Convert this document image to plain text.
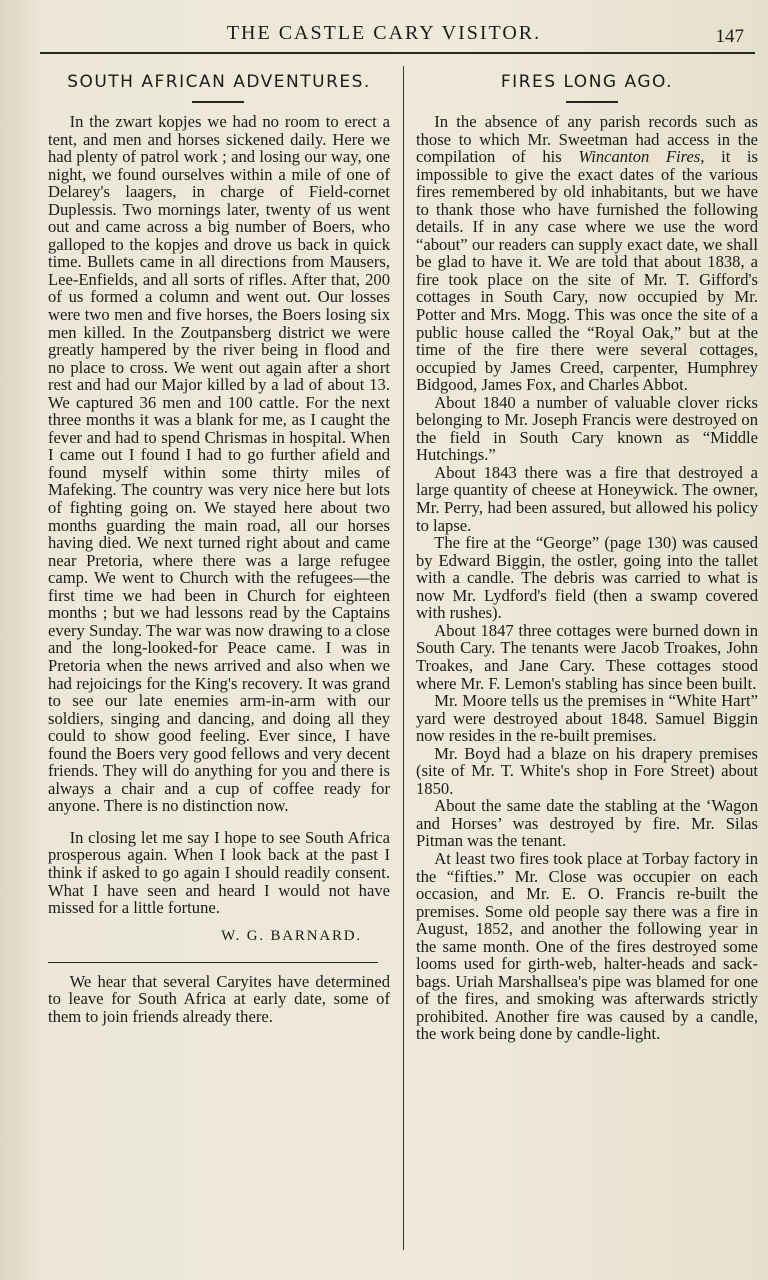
THE CASTLE CARY VISITOR.	147
SOUTH AFRICAN ADVENTURES.

In the zwart kopjes we had no room to erect a tent, and men and horses sickened daily. Here we had plenty of patrol work ; and losing our way, one night, we found ourselves within a mile of one of Delarey's laagers, in charge of Field-cornet Duplessis. Two mornings later, twenty of us went out and came across a big number of Boers, who galloped to the kopjes and drove us back in quick time. Bullets came in all directions from Mausers, Lee-Enfields, and all sorts of rifles. After that, 200 of us formed a column and went out. Our losses were two men and five horses, the Boers losing six men killed. In the Zoutpansberg district we were greatly hampered by the river being in flood and no place to cross. We went out again after a short rest and had our Major killed by a lad of about 13. We captured 36 men and 100 cattle. For the next three months it was a blank for me, as I caught the fever and had to spend Chrismas in hospital. When I came out I found I had to go further afield and found myself within some thirty miles of Mafeking. The country was very nice here but lots of fighting going on. We stayed here about two months guarding the main road, all our horses having died. We next turned right about and came near Pretoria, where there was a large refugee camp. We went to Church with the refugees—the first time we had been in Church for eighteen months ; but we had lessons read by the Captains every Sunday. The war was now drawing to a close and the long-looked-for Peace came. I was in Pretoria when the news arrived and also when we had rejoicings for the King's recovery. It was grand to see our late enemies arm-in-arm with our soldiers, singing and dancing, and doing all they could to show good feeling. Ever since, I have found the Boers very good fellows and very decent friends. They will do anything for you and there is always a chair and a cup of coffee ready for anyone. There is no distinction now.

In closing let me say I hope to see South Africa prosperous again. When I look back at the past I think if asked to go again I should readily consent. What I have seen and heard I would not have missed for a little fortune.

W. G. BARNARD.

We hear that several Caryites have determined to leave for South Africa at early date, some of them to join friends already there.

FIRES LONG AGO.

In the absence of any parish records such as those to which Mr. Sweetman had access in the compilation of his Wincanton Fires, it is impossible to give the exact dates of the various fires remembered by old inhabitants, but we have to thank those who have furnished the following details. If in any case where we use the word “about” our readers can supply exact date, we shall be glad to have it. We are told that about 1838, a fire took place on the site of Mr. T. Gifford's cottages in South Cary, now occupied by Mr. Potter and Mrs. Mogg. This was once the site of a public house called the “Royal Oak,” but at the time of the fire there were several cottages, occupied by James Creed, carpenter, Humphrey Bidgood, James Fox, and Charles Abbot.

About 1840 a number of valuable clover ricks belonging to Mr. Joseph Francis were destroyed on the field in South Cary known as “Middle Hutchings.”

About 1843 there was a fire that destroyed a large quantity of cheese at Honeywick. The owner, Mr. Perry, had been assured, but allowed his policy to lapse.

The fire at the “George” (page 130) was caused by Edward Biggin, the ostler, going into the tallet with a candle. The debris was carried to what is now Mr. Lydford's field (then a swamp covered with rushes).

About 1847 three cottages were burned down in South Cary. The tenants were Jacob Troakes, John Troakes, and Jane Cary. These cottages stood where Mr. F. Lemon's stabling has since been built.

Mr. Moore tells us the premises in “White Hart” yard were destroyed about 1848. Samuel Biggin now resides in the re-built premises.

Mr. Boyd had a blaze on his drapery premises (site of Mr. T. White's shop in Fore Street) about 1850.

About the same date the stabling at the ‘Wagon and Horses’ was destroyed by fire. Mr. Silas Pitman was the tenant.

At least two fires took place at Torbay factory in the “fifties.” Mr. Close was occupier on each occasion, and Mr. E. O. Francis re-built the premises. Some old people say there was a fire in August, 1852, and another the following year in the same month. One of the fires destroyed some looms used for girth-web, halter-heads and sack-bags. Uriah Marshallsea's pipe was blamed for one of the fires, and smoking was afterwards strictly prohibited. Another fire was caused by a candle, the work being done by candle-light.
